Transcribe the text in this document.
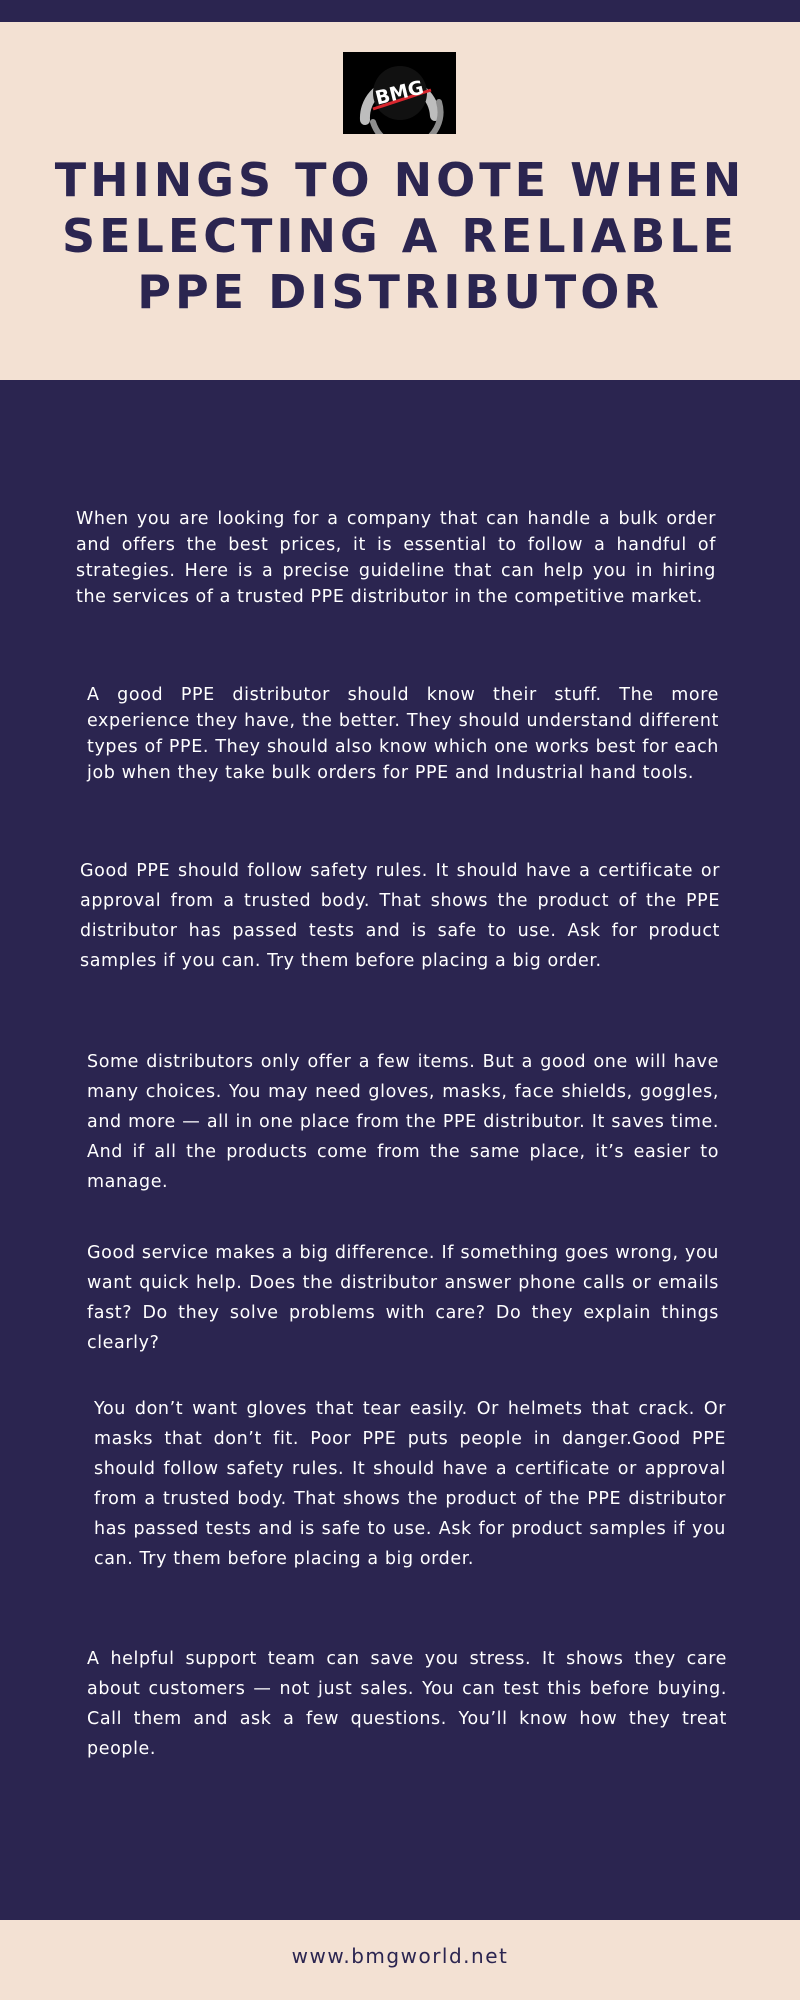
BMG
THINGS TO NOTE WHEN
SELECTING A RELIABLE
PPE DISTRIBUTOR

When you are looking for a company that can handle a bulk order and offers the best prices, it is essential to follow a handful of strategies. Here is a precise guideline that can help you in hiring the services of a trusted PPE distributor in the competitive market.

A good PPE distributor should know their stuff. The more experience they have, the better. They should understand different types of PPE. They should also know which one works best for each job when they take bulk orders for PPE and Industrial hand tools.

Good PPE should follow safety rules. It should have a certificate or approval from a trusted body. That shows the product of the PPE distributor has passed tests and is safe to use. Ask for product samples if you can. Try them before placing a big order.

Some distributors only offer a few items. But a good one will have many choices. You may need gloves, masks, face shields, goggles, and more — all in one place from the PPE distributor. It saves time. And if all the products come from the same place, it’s easier to manage.

Good service makes a big difference. If something goes wrong, you want quick help. Does the distributor answer phone calls or emails fast? Do they solve problems with care? Do they explain things clearly?

You don’t want gloves that tear easily. Or helmets that crack. Or masks that don’t fit. Poor PPE puts people in danger.Good PPE should follow safety rules. It should have a certificate or approval from a trusted body. That shows the product of the PPE distributor has passed tests and is safe to use. Ask for product samples if you can. Try them before placing a big order.

A helpful support team can save you stress. It shows they care about customers — not just sales. You can test this before buying. Call them and ask a few questions. You’ll know how they treat people.

www.bmgworld.net
